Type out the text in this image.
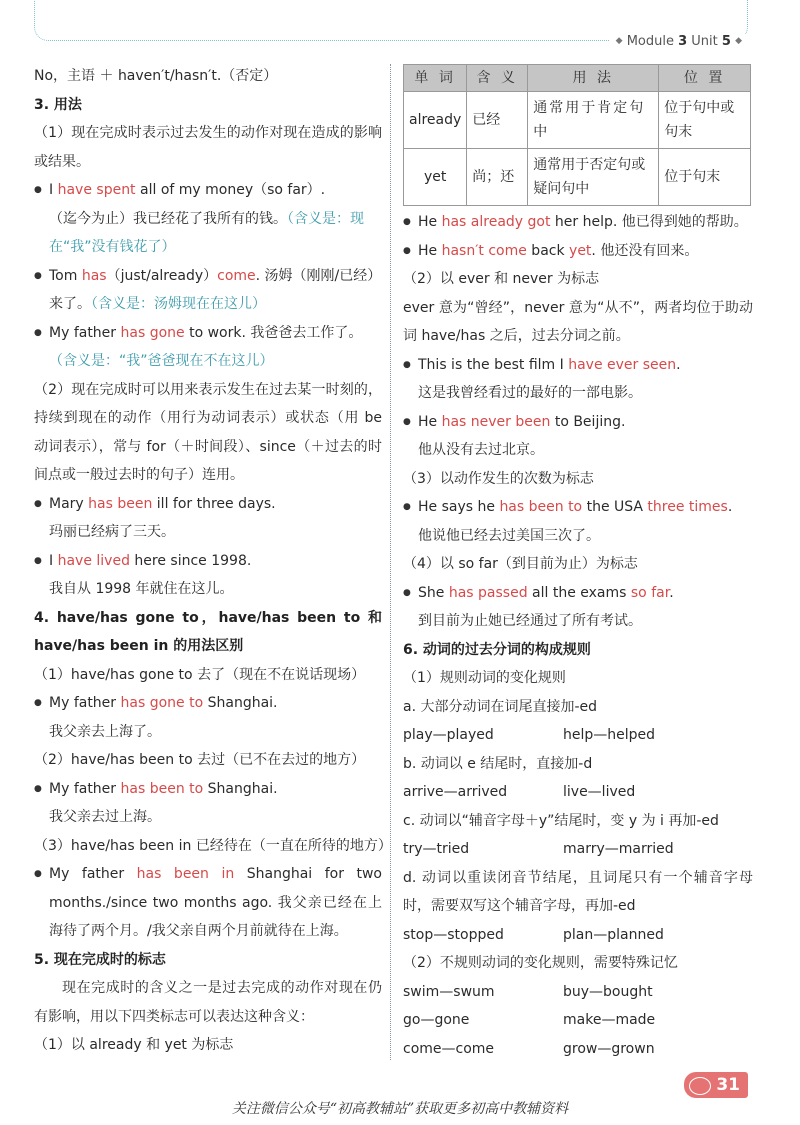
◆ Module 3 Unit 5 ◆
No，主语 ＋ haven′t/hasn′t.（否定）
3. 用法
（1）现在完成时表示过去发生的动作对现在造成的影响或结果。
● I have spent all of my money（so far）.
（迄今为止）我已经花了我所有的钱。（含义是：现
在“我”没有钱花了）
● Tom has（just/already）come. 汤姆（刚刚/已经）
来了。（含义是：汤姆现在在这儿）
● My father has gone to work. 我爸爸去工作了。
（含义是：“我”爸爸现在不在这儿）
（2）现在完成时可以用来表示发生在过去某一时刻的，持续到现在的动作（用行为动词表示）或状态（用 be 动词表示），常与 for（＋时间段）、since（＋过去的时间点或一般过去时的句子）连用。
● Mary has been ill for three days.
玛丽已经病了三天。
● I have lived here since 1998.
我自从 1998 年就住在这儿。
4. have/has gone to，have/has been to 和 have/has been in 的用法区别
（1）have/has gone to 去了（现在不在说话现场）
● My father has gone to Shanghai.
我父亲去上海了。
（2）have/has been to 去过（已不在去过的地方）
● My father has been to Shanghai.
我父亲去过上海。
（3）have/has been in 已经待在（一直在所待的地方）
● My father has been in Shanghai for two months./since two months ago. 我父亲已经在上海待了两个月。/我父亲自两个月前就待在上海。
5. 现在完成时的标志
现在完成时的含义之一是过去完成的动作对现在仍有影响，用以下四类标志可以表达这种含义：
（1）以 already 和 yet 为标志
单 词	含 义	用 法	位 置
already	已经	通常用于肯定句中	位于句中或句末
yet	尚；还	通常用于否定句或疑问句中	位于句末
● He has already got her help. 他已得到她的帮助。
● He hasn′t come back yet. 他还没有回来。
（2）以 ever 和 never 为标志
ever 意为“曾经”，never 意为“从不”，两者均位于助动词 have/has 之后，过去分词之前。
● This is the best film I have ever seen.
这是我曾经看过的最好的一部电影。
● He has never been to Beijing.
他从没有去过北京。
（3）以动作发生的次数为标志
● He says he has been to the USA three times.
他说他已经去过美国三次了。
（4）以 so far（到目前为止）为标志
● She has passed all the exams so far.
到目前为止她已经通过了所有考试。
6. 动词的过去分词的构成规则
（1）规则动词的变化规则
a. 大部分动词在词尾直接加-ed
play—played	help—helped
b. 动词以 e 结尾时，直接加-d
arrive—arrived	live—lived
c. 动词以“辅音字母＋y”结尾时，变 y 为 i 再加-ed
try—tried	marry—married
d. 动词以重读闭音节结尾，且词尾只有一个辅音字母时，需要双写这个辅音字母，再加-ed
stop—stopped	plan—planned
（2）不规则动词的变化规则，需要特殊记忆
swim—swum	buy—bought
go—gone	make—made
come—come	grow—grown
31
关注微信公众号“初高教辅站”获取更多初高中教辅资料
